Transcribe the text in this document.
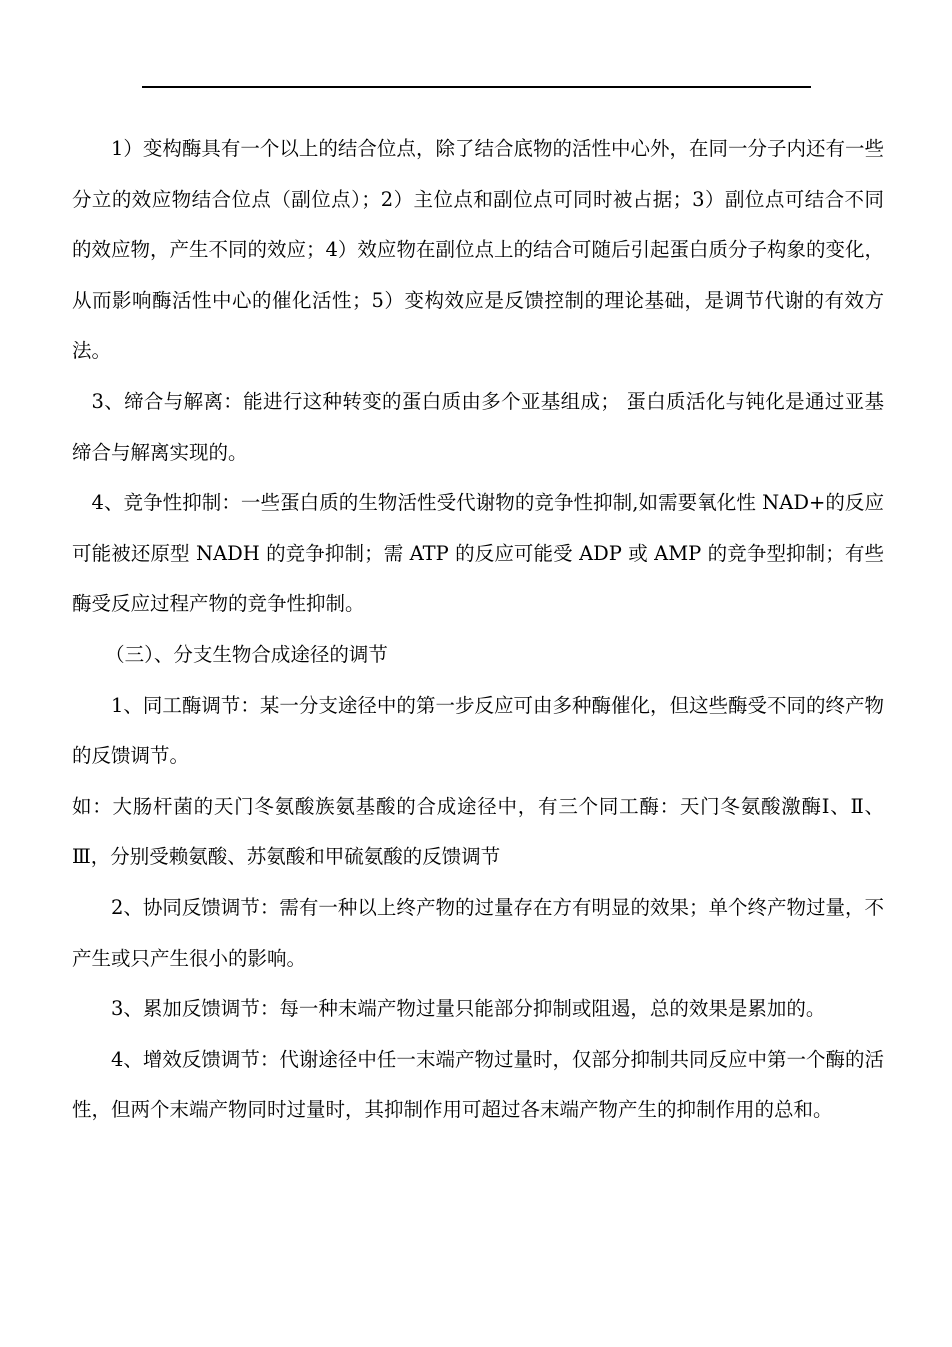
1）变构酶具有一个以上的结合位点，除了结合底物的活性中心外，在同一分子内还有一些分立的效应物结合位点（副位点）；2）主位点和副位点可同时被占据；3）副位点可结合不同的效应物，产生不同的效应；4）效应物在副位点上的结合可随后引起蛋白质分子构象的变化，从而影响酶活性中心的催化活性；5）变构效应是反馈控制的理论基础，是调节代谢的有效方法。

3、缔合与解离：能进行这种转变的蛋白质由多个亚基组成； 蛋白质活化与钝化是通过亚基缔合与解离实现的。

4、竞争性抑制：一些蛋白质的生物活性受代谢物的竞争性抑制,如需要氧化性 NAD+的反应可能被还原型 NADH 的竞争抑制；需 ATP 的反应可能受 ADP 或 AMP 的竞争型抑制；有些酶受反应过程产物的竞争性抑制。

（三）、分支生物合成途径的调节

1、同工酶调节：某一分支途径中的第一步反应可由多种酶催化，但这些酶受不同的终产物的反馈调节。

如：大肠杆菌的天门冬氨酸族氨基酸的合成途径中，有三个同工酶：天门冬氨酸激酶Ⅰ、Ⅱ、Ⅲ，分别受赖氨酸、苏氨酸和甲硫氨酸的反馈调节

2、协同反馈调节：需有一种以上终产物的过量存在方有明显的效果；单个终产物过量，不产生或只产生很小的影响。

3、累加反馈调节：每一种末端产物过量只能部分抑制或阻遏，总的效果是累加的。

4、增效反馈调节：代谢途径中任一末端产物过量时，仅部分抑制共同反应中第一个酶的活性，但两个末端产物同时过量时，其抑制作用可超过各末端产物产生的抑制作用的总和。
